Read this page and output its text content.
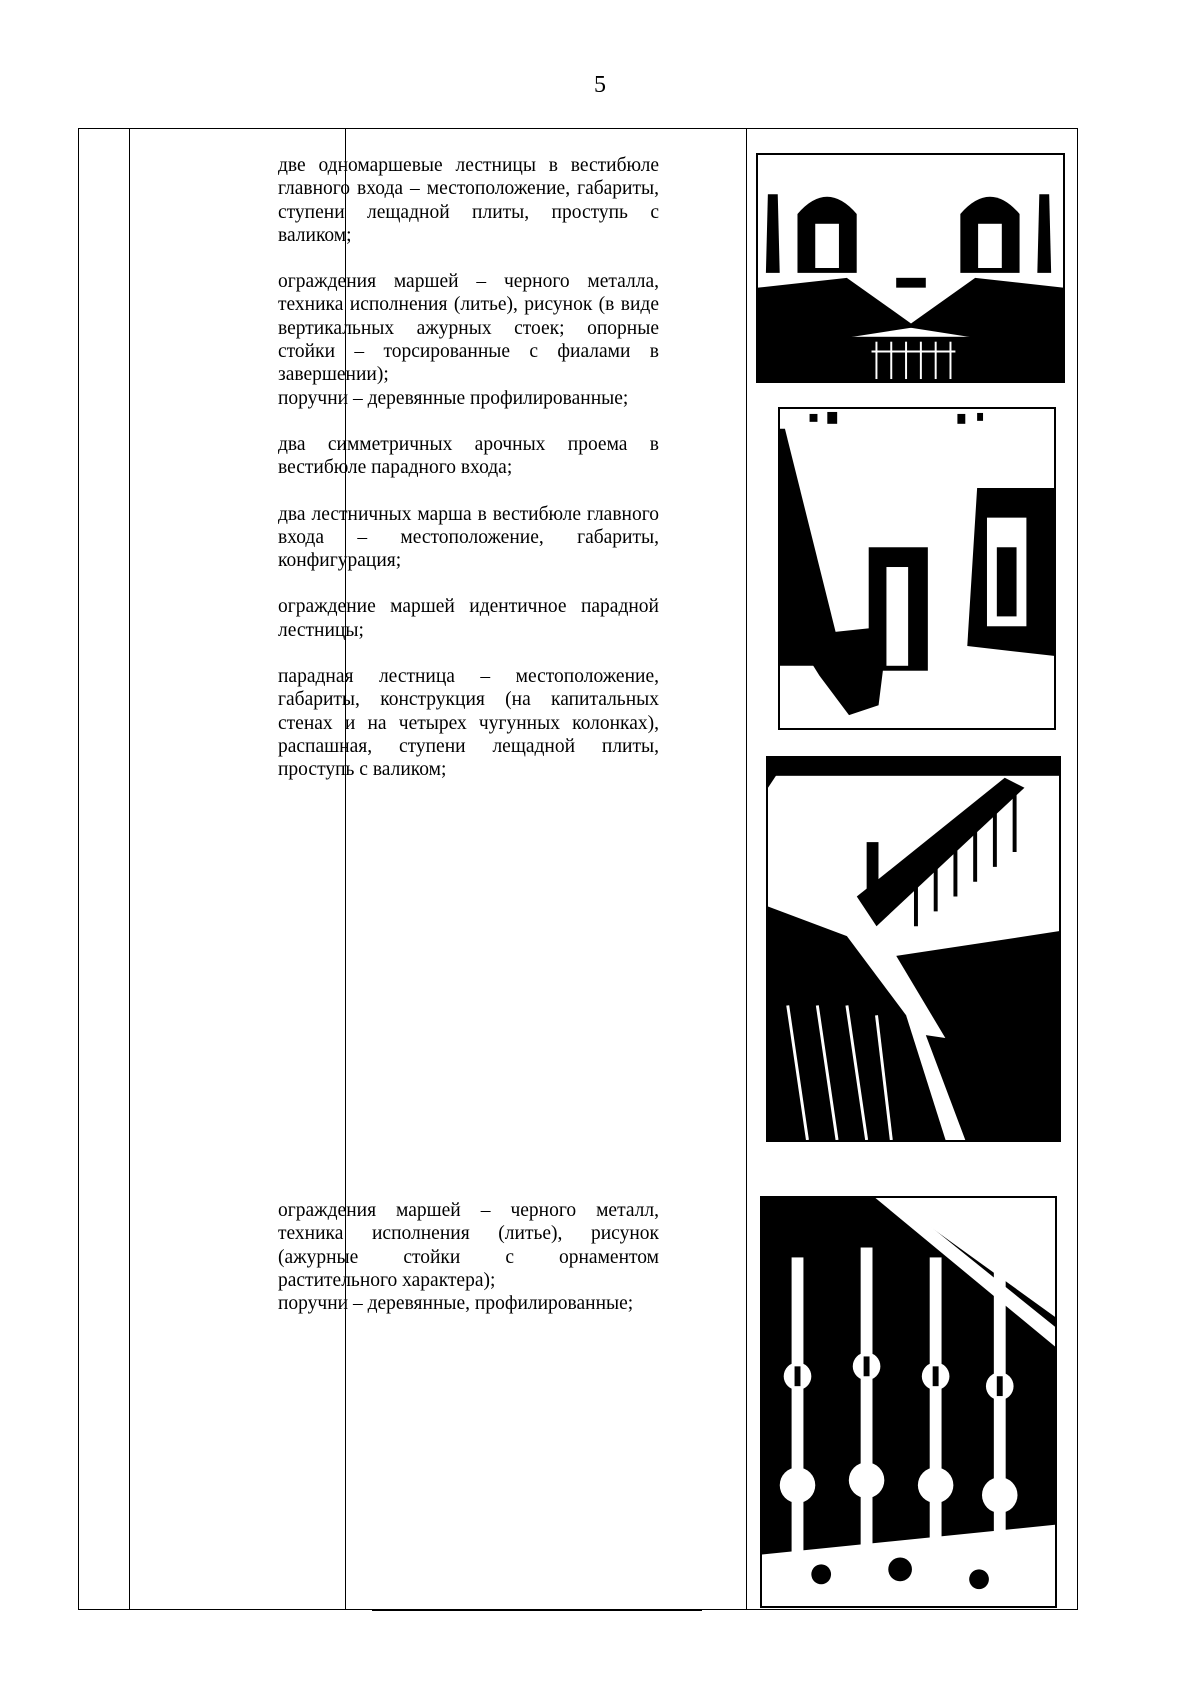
5

две одномаршевые лестницы в вестибюле главного входа – местоположение, габариты, ступени лещадной плиты, проступь с валиком;

ограждения маршей – черного металла, техника исполнения (литье), рисунок (в виде вертикальных ажурных стоек; опорные стойки – торсированные с фиалами в завершении);

поручни – деревянные профилированные;

два симметричных арочных проема в вестибюле парадного входа;

два лестничных марша в вестибюле главного входа – местоположение, габариты, конфигурация;

ограждение маршей идентичное парадной лестницы;

парадная лестница – местоположение, габариты, конструкция (на капитальных стенах и на четырех чугунных колонках), распашная, ступени лещадной плиты, проступь с валиком;

ограждения маршей – черного металл, техника исполнения (литье), рисунок (ажурные стойки с орнаментом растительного характера);

поручни – деревянные, профилированные;
